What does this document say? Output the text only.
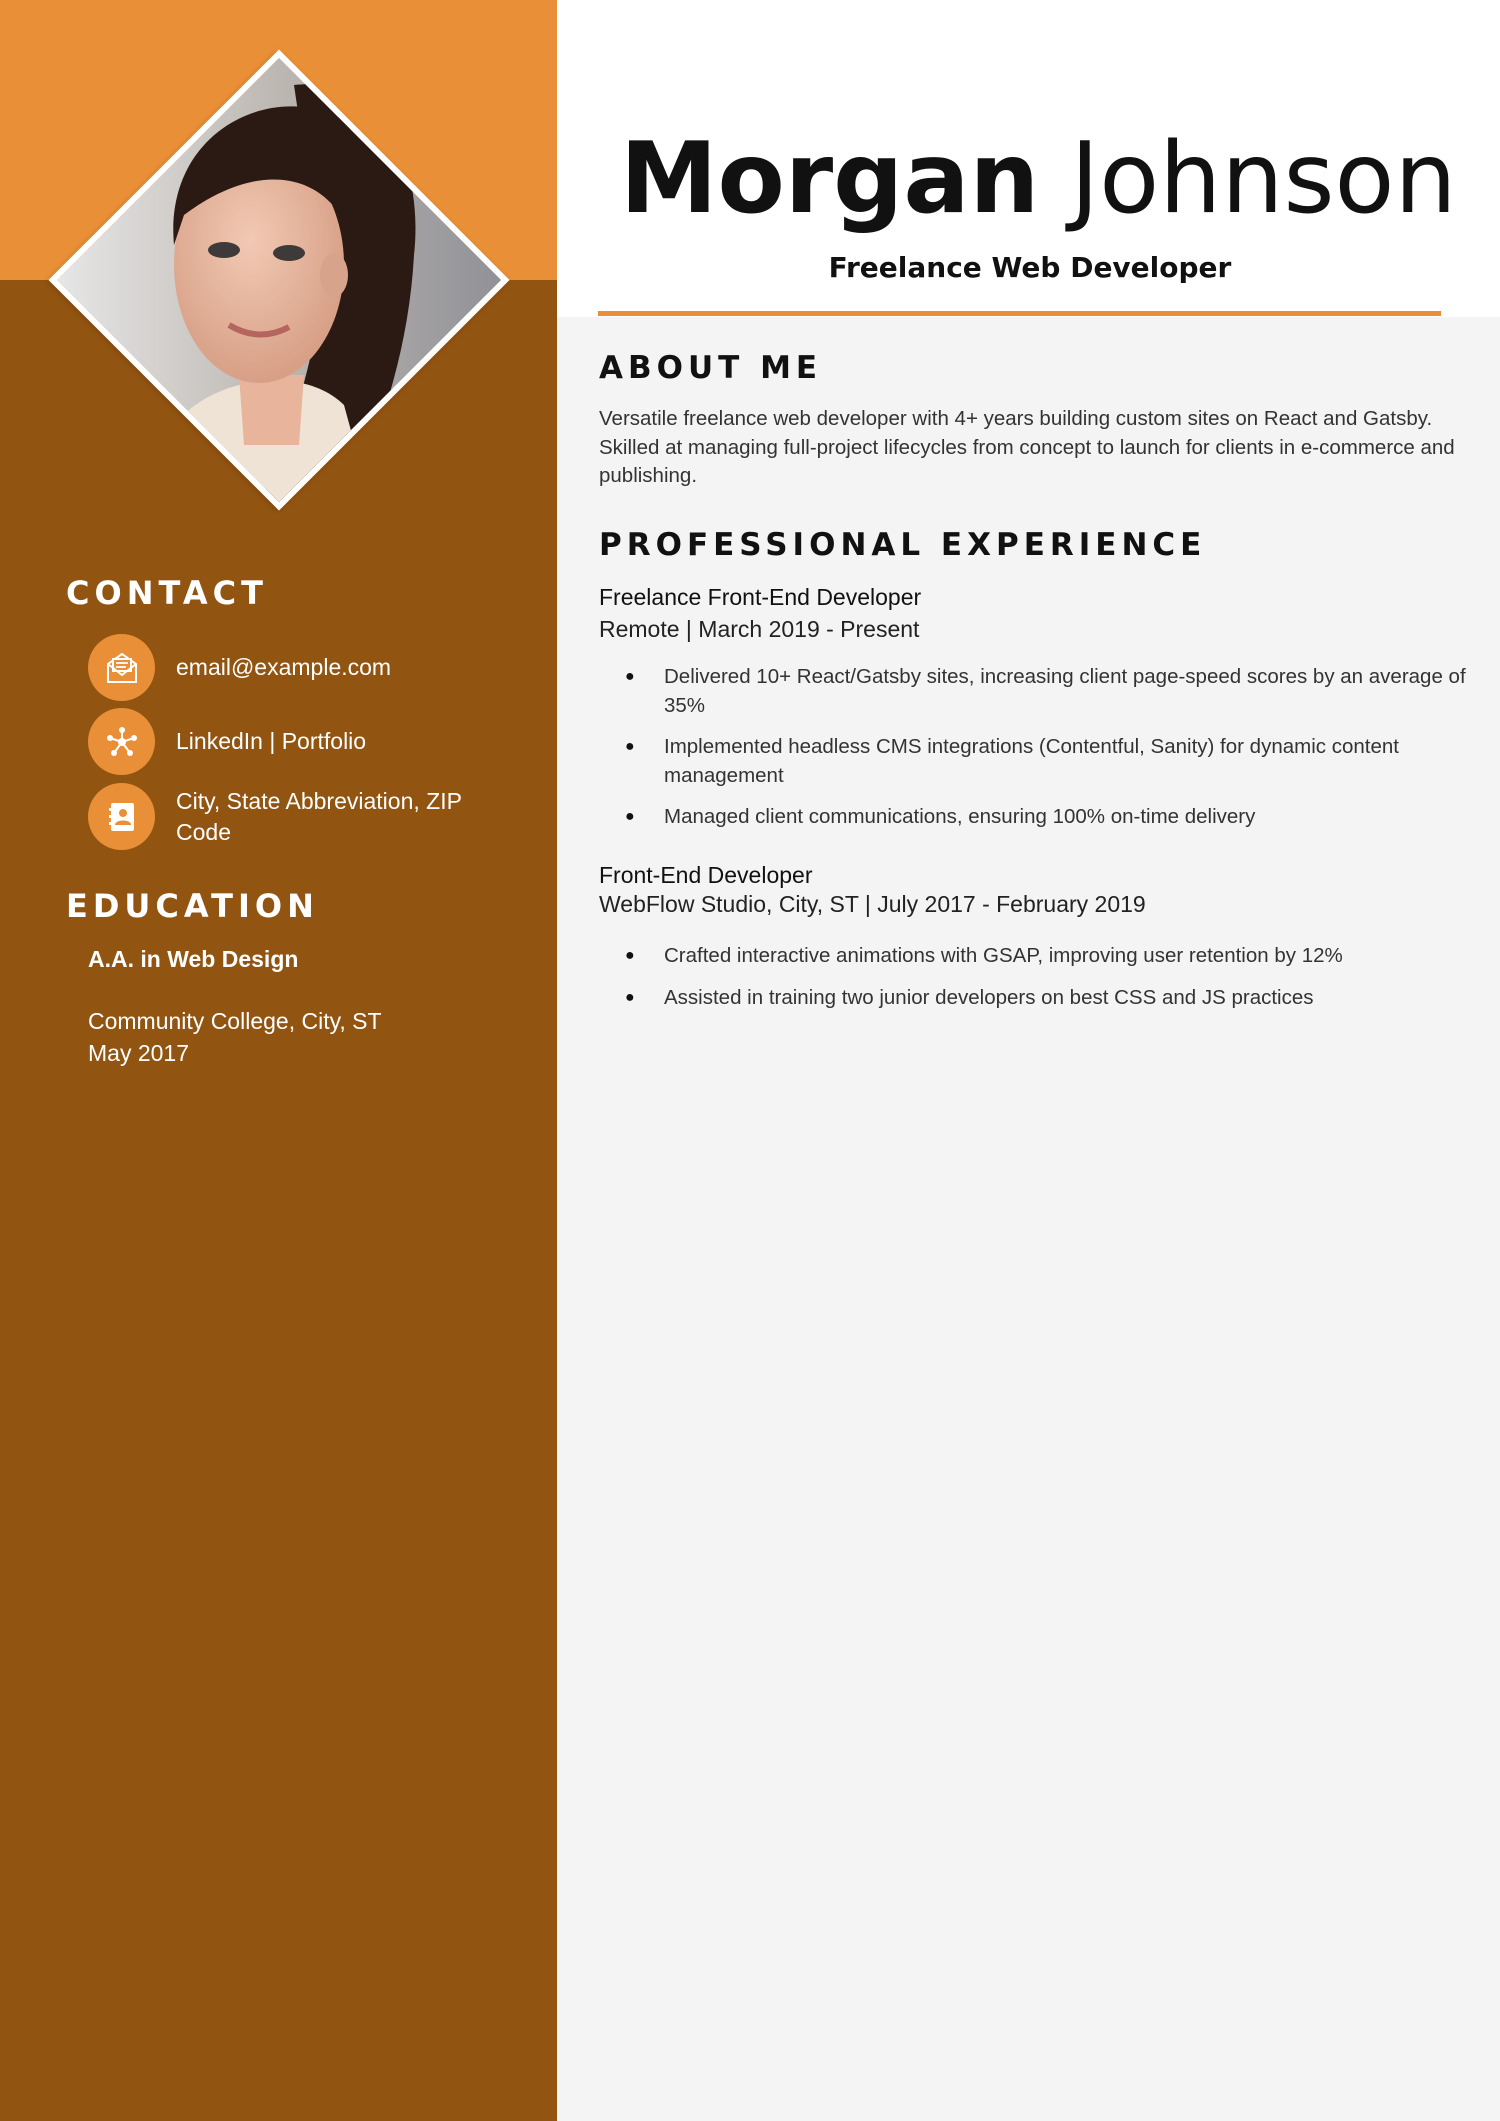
CONTACT
email@example.com
LinkedIn | Portfolio
City, State Abbreviation, ZIP Code
EDUCATION
A.A. in Web Design
Community College, City, ST
May 2017
Morgan Johnson
Freelance Web Developer
ABOUT ME
Versatile freelance web developer with 4+ years building custom sites on React and Gatsby. Skilled at managing full-project lifecycles from concept to launch for clients in e-commerce and publishing.
PROFESSIONAL EXPERIENCE
Freelance Front-End Developer
Remote | March 2019 - Present
● Delivered 10+ React/Gatsby sites, increasing client page-speed scores by an average of 35%
● Implemented headless CMS integrations (Contentful, Sanity) for dynamic content management
● Managed client communications, ensuring 100% on-time delivery
Front-End Developer
WebFlow Studio, City, ST | July 2017 - February 2019
● Crafted interactive animations with GSAP, improving user retention by 12%
● Assisted in training two junior developers on best CSS and JS practices
